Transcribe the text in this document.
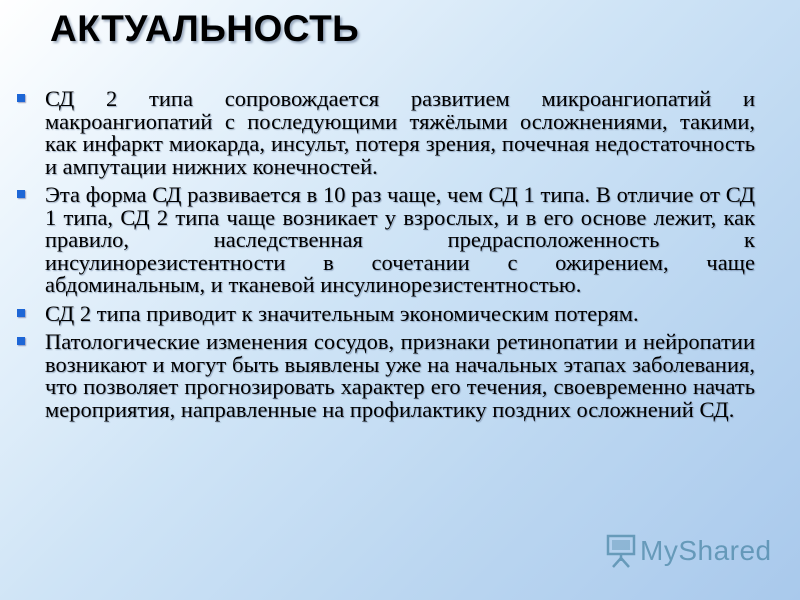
АКТУАЛЬНОСТЬ
СД 2 типа сопровождается развитием микроангиопатий и макроангиопатий с последующими тяжёлыми осложнениями, такими, как инфаркт миокарда, инсульт, потеря зрения, почечная недостаточность и ампутации нижних конечностей.
Эта форма СД развивается в 10 раз чаще, чем СД 1 типа. В отличие от СД 1 типа, СД 2 типа чаще возникает у взрослых, и в его основе лежит, как правило, наследственная предрасположенность к инсулинорезистентности в сочетании с ожирением, чаще абдоминальным, и тканевой инсулинорезистентностью.
СД 2 типа приводит к значительным экономическим потерям.
Патологические изменения сосудов, признаки ретинопатии и нейропатии возникают и могут быть выявлены уже на начальных этапах заболевания, что позволяет прогнозировать характер его течения, своевременно начать мероприятия, направленные на профилактику поздних осложнений СД.
MyShared
